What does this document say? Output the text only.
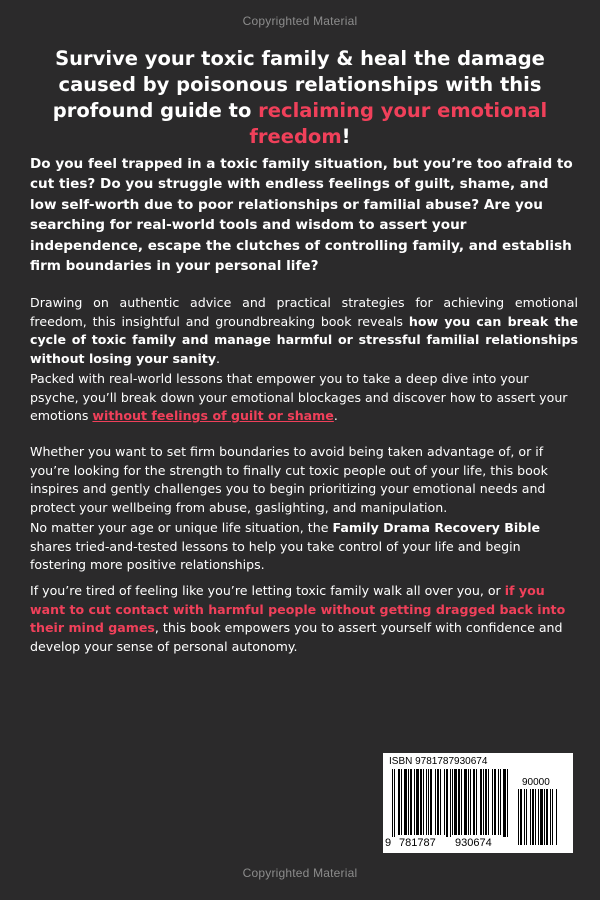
Copyrighted Material
Survive your toxic family & heal the damage caused by poisonous relationships with this profound guide to reclaiming your emotional freedom!
Do you feel trapped in a toxic family situation, but you’re too afraid to cut ties? Do you struggle with endless feelings of guilt, shame, and low self-worth due to poor relationships or familial abuse? Are you searching for real-world tools and wisdom to assert your independence, escape the clutches of controlling family, and establish firm boundaries in your personal life?
Drawing on authentic advice and practical strategies for achieving emotional freedom, this insightful and groundbreaking book reveals how you can break the cycle of toxic family and manage harmful or stressful familial relationships without losing your sanity.
Packed with real-world lessons that empower you to take a deep dive into your psyche, you’ll break down your emotional blockages and discover how to assert your emotions without feelings of guilt or shame.
Whether you want to set firm boundaries to avoid being taken advantage of, or if you’re looking for the strength to finally cut toxic people out of your life, this book inspires and gently challenges you to begin prioritizing your emotional needs and protect your wellbeing from abuse, gaslighting, and manipulation.
No matter your age or unique life situation, the Family Drama Recovery Bible shares tried-and-tested lessons to help you take control of your life and begin fostering more positive relationships.
If you’re tired of feeling like you’re letting toxic family walk all over you, or if you want to cut contact with harmful people without getting dragged back into their mind games, this book empowers you to assert yourself with confidence and develop your sense of personal autonomy.
ISBN 9781787930674
90000
9 781787 930674
Copyrighted Material
